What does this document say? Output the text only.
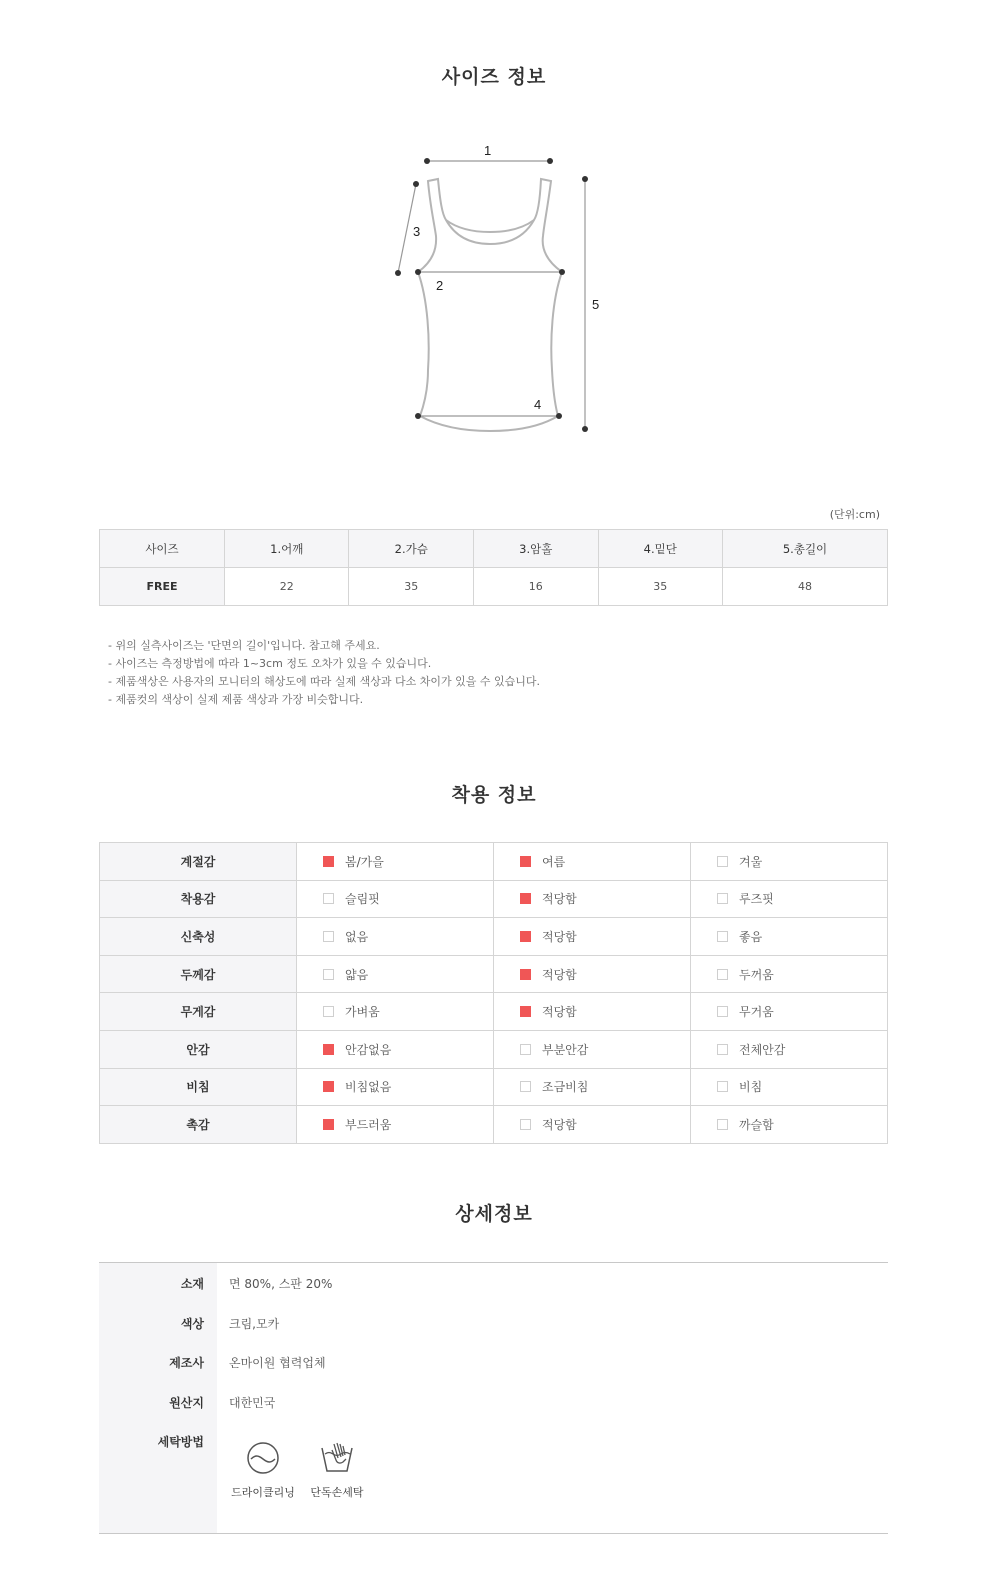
사이즈 정보
1
2
3
4
5
(단위:cm)
사이즈	1.어깨	2.가슴	3.암홀	4.밑단	5.총길이
FREE	22	35	16	35	48
- 위의 실측사이즈는 '단면의 길이'입니다. 참고해 주세요.
- 사이즈는 측정방법에 따라 1~3cm 정도 오차가 있을 수 있습니다.
- 제품색상은 사용자의 모니터의 해상도에 따라 실제 색상과 다소 차이가 있을 수 있습니다.
- 제품컷의 색상이 실제 제품 색상과 가장 비슷합니다.
착용 정보
계절감	봄/가을	여름	겨울
착용감	슬림핏	적당함	루즈핏
신축성	없음	적당함	좋음
두께감	얇음	적당함	두꺼움
무게감	가벼움	적당함	무거움
안감	안감없음	부분안감	전체안감
비침	비침없음	조금비침	비침
촉감	부드러움	적당함	까슬함
상세정보
소재 면 80%, 스판 20%
색상 크림,모카
제조사 온마이원 협력업체
원산지 대한민국
세탁방법
드라이클리닝	단독손세탁
